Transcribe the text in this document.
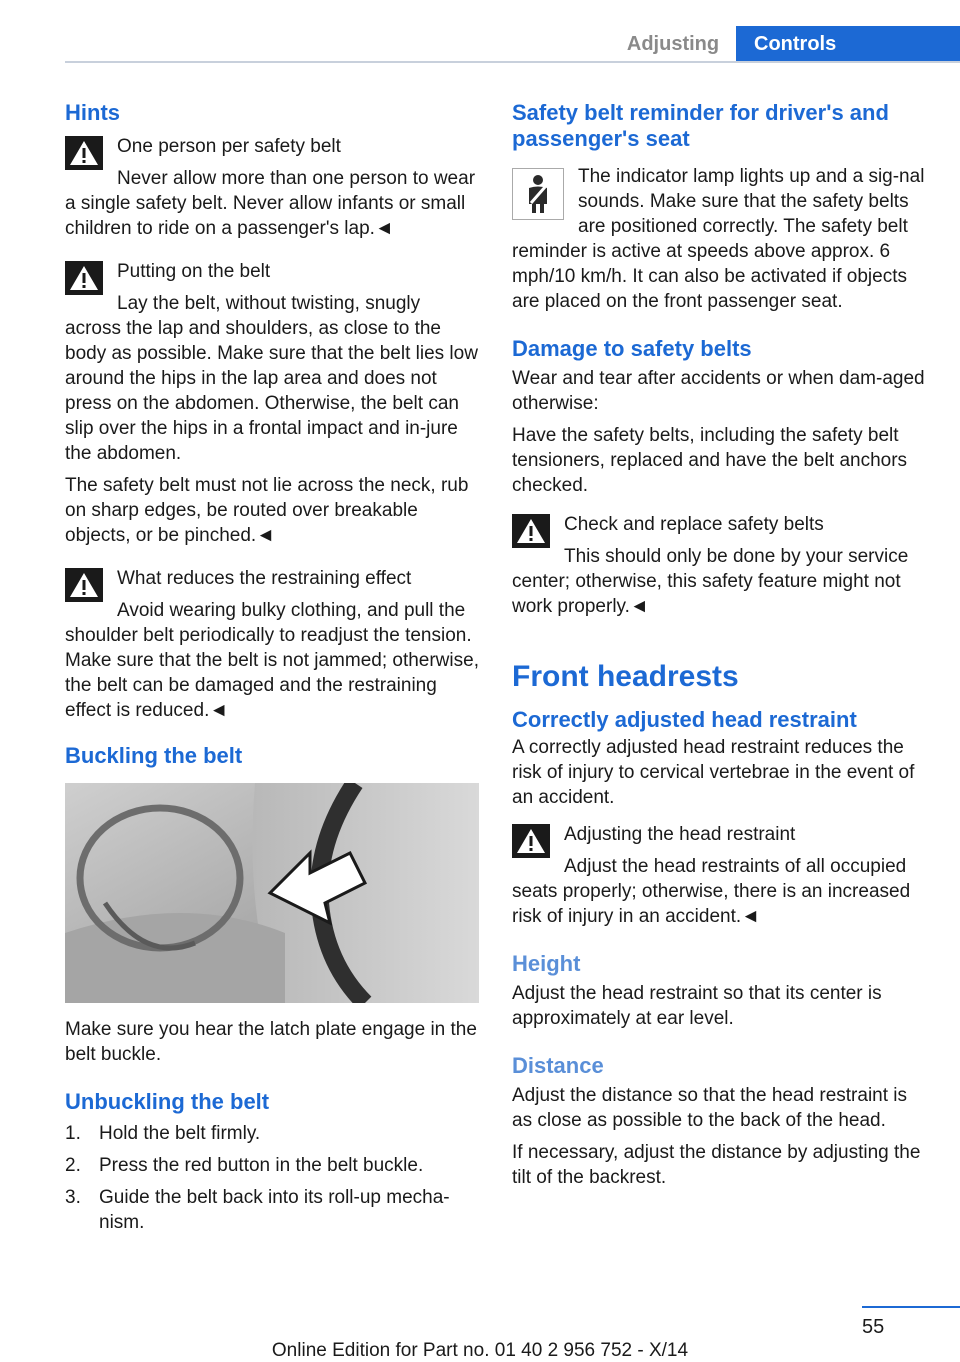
Adjusting	Controls
Hints
One person per safety belt

Never allow more than one person to wear a single safety belt. Never allow infants or small children to ride on a passenger's lap.◄

Putting on the belt

Lay the belt, without twisting, snugly across the lap and shoulders, as close to the body as possible. Make sure that the belt lies low around the hips in the lap area and does not press on the abdomen. Otherwise, the belt can slip over the hips in a frontal impact and in‐jure the abdomen.

The safety belt must not lie across the neck, rub on sharp edges, be routed over breakable objects, or be pinched.◄

What reduces the restraining effect

Avoid wearing bulky clothing, and pull the shoulder belt periodically to readjust the tension. Make sure that the belt is not jammed; otherwise, the belt can be damaged and the restraining effect is reduced.◄

Buckling the belt

Make sure you hear the latch plate engage in the belt buckle.

Unbuckling the belt
1. Hold the belt firmly.
2. Press the red button in the belt buckle.
3. Guide the belt back into its roll-up mecha‐nism.
Safety belt reminder for driver's and passenger's seat

The indicator lamp lights up and a sig‐nal sounds. Make sure that the safety belts are positioned correctly. The safety belt reminder is active at speeds above approx. 6 mph/10 km/h. It can also be activated if objects are placed on the front passenger seat.

Damage to safety belts

Wear and tear after accidents or when dam‐aged otherwise:

Have the safety belts, including the safety belt tensioners, replaced and have the belt anchors checked.

Check and replace safety belts

This should only be done by your service center; otherwise, this safety feature might not work properly.◄

Front headrests
Correctly adjusted head restraint

A correctly adjusted head restraint reduces the risk of injury to cervical vertebrae in the event of an accident.

Adjusting the head restraint

Adjust the head restraints of all occupied seats properly; otherwise, there is an increased risk of injury in an accident.◄

Height

Adjust the head restraint so that its center is approximately at ear level.

Distance

Adjust the distance so that the head restraint is as close as possible to the back of the head.

If necessary, adjust the distance by adjusting the tilt of the backrest.

55
Online Edition for Part no. 01 40 2 956 752 - X/14
